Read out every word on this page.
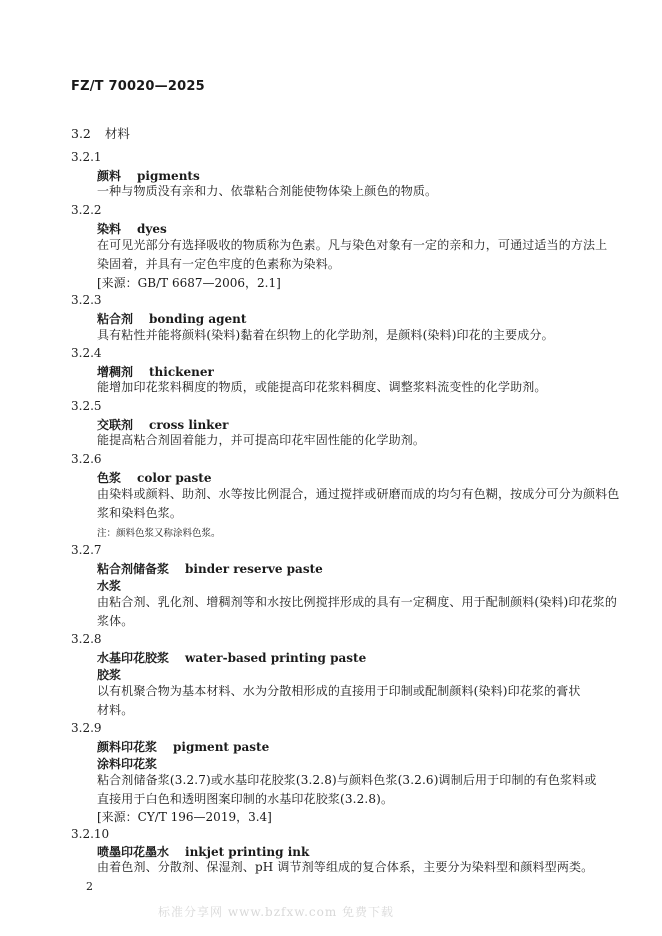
FZ/T 70020—2025
3.2 材料
3.2.1
颜料 pigments
一种与物质没有亲和力、依靠粘合剂能使物体染上颜色的物质。
3.2.2
染料 dyes
在可见光部分有选择吸收的物质称为色素。凡与染色对象有一定的亲和力，可通过适当的方法上
染固着，并具有一定色牢度的色素称为染料。
[来源：GB/T 6687—2006，2.1]
3.2.3
粘合剂 bonding agent
具有粘性并能将颜料(染料)黏着在织物上的化学助剂，是颜料(染料)印花的主要成分。
3.2.4
增稠剂 thickener
能增加印花浆料稠度的物质，或能提高印花浆料稠度、调整浆料流变性的化学助剂。
3.2.5
交联剂 cross linker
能提高粘合剂固着能力，并可提高印花牢固性能的化学助剂。
3.2.6
色浆 color paste
由染料或颜料、助剂、水等按比例混合，通过搅拌或研磨而成的均匀有色糊，按成分可分为颜料色
浆和染料色浆。
注：颜料色浆又称涂料色浆。
3.2.7
粘合剂储备浆 binder reserve paste
水浆
由粘合剂、乳化剂、增稠剂等和水按比例搅拌形成的具有一定稠度、用于配制颜料(染料)印花浆的
浆体。
3.2.8
水基印花胶浆 water-based printing paste
胶浆
以有机聚合物为基本材料、水为分散相形成的直接用于印制或配制颜料(染料)印花浆的膏状
材料。
3.2.9
颜料印花浆 pigment paste
涂料印花浆
粘合剂储备浆(3.2.7)或水基印花胶浆(3.2.8)与颜料色浆(3.2.6)调制后用于印制的有色浆料或
直接用于白色和透明图案印制的水基印花胶浆(3.2.8)。
[来源：CY/T 196—2019，3.4]
3.2.10
喷墨印花墨水 inkjet printing ink
由着色剂、分散剂、保湿剂、pH 调节剂等组成的复合体系，主要分为染料型和颜料型两类。
2
标准分享网 www.bzfxw.com 免费下载
